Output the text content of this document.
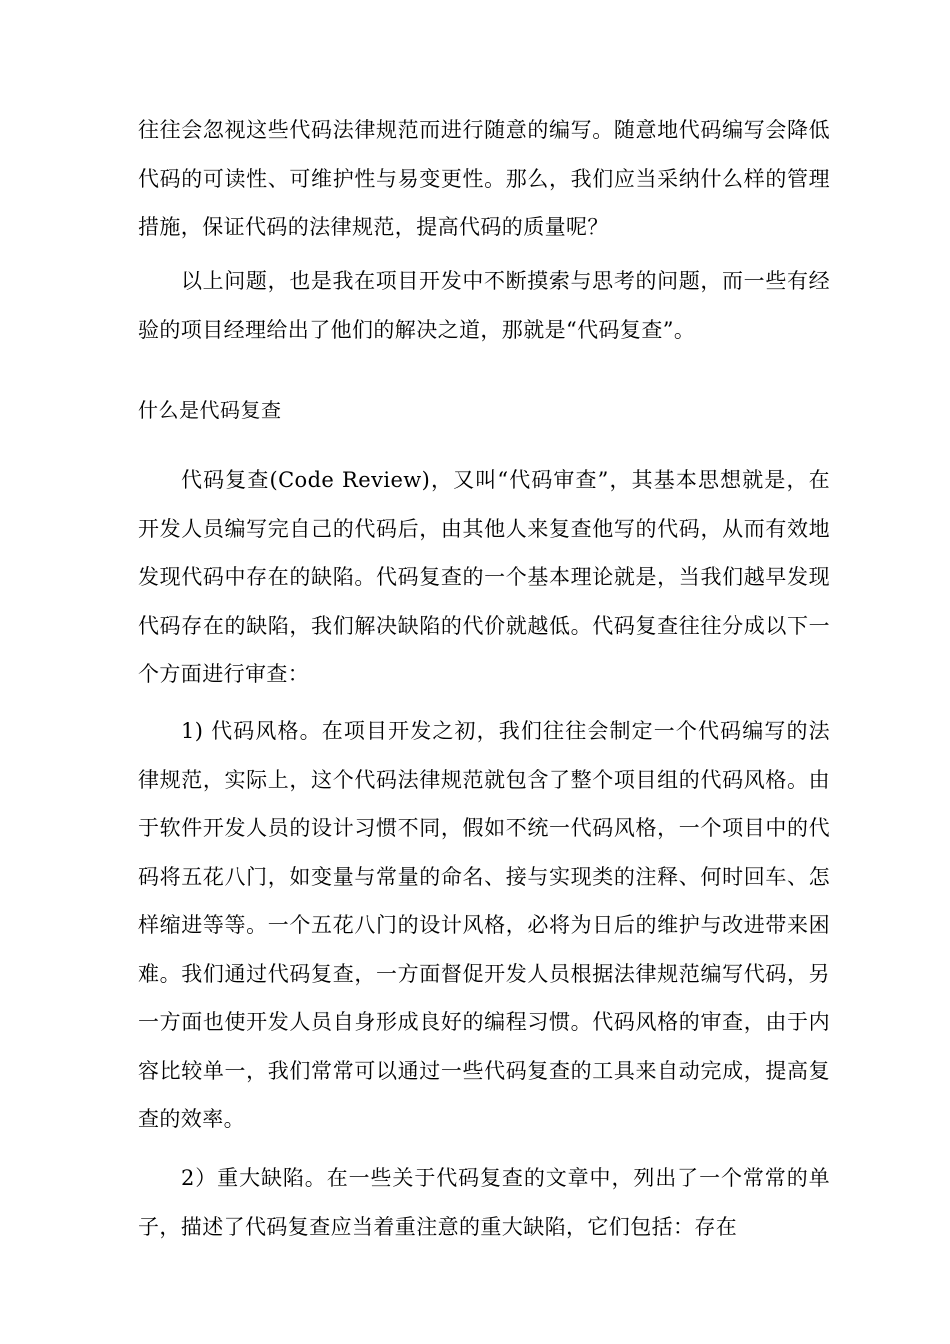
往往会忽视这些代码法律规范而进行随意的编写。随意地代码编写会降低代码的可读性、可维护性与易变更性。那么，我们应当采纳什么样的管理措施，保证代码的法律规范，提高代码的质量呢？

以上问题，也是我在项目开发中不断摸索与思考的问题，而一些有经验的项目经理给出了他们的解决之道，那就是“代码复查”。

什么是代码复查

代码复查(Code Review)，又叫“代码审查”，其基本思想就是，在开发人员编写完自己的代码后，由其他人来复查他写的代码，从而有效地发现代码中存在的缺陷。代码复查的一个基本理论就是，当我们越早发现代码存在的缺陷，我们解决缺陷的代价就越低。代码复查往往分成以下一个方面进行审查：

1) 代码风格。在项目开发之初，我们往往会制定一个代码编写的法律规范，实际上，这个代码法律规范就包含了整个项目组的代码风格。由于软件开发人员的设计习惯不同，假如不统一代码风格，一个项目中的代码将五花八门，如变量与常量的命名、接与实现类的注释、何时回车、怎样缩进等等。一个五花八门的设计风格，必将为日后的维护与改进带来困难。我们通过代码复查，一方面督促开发人员根据法律规范编写代码，另一方面也使开发人员自身形成良好的编程习惯。代码风格的审查，由于内容比较单一，我们常常可以通过一些代码复查的工具来自动完成，提高复查的效率。

2）重大缺陷。在一些关于代码复查的文章中，列出了一个常常的单子，描述了代码复查应当着重注意的重大缺陷，它们包括：存在
